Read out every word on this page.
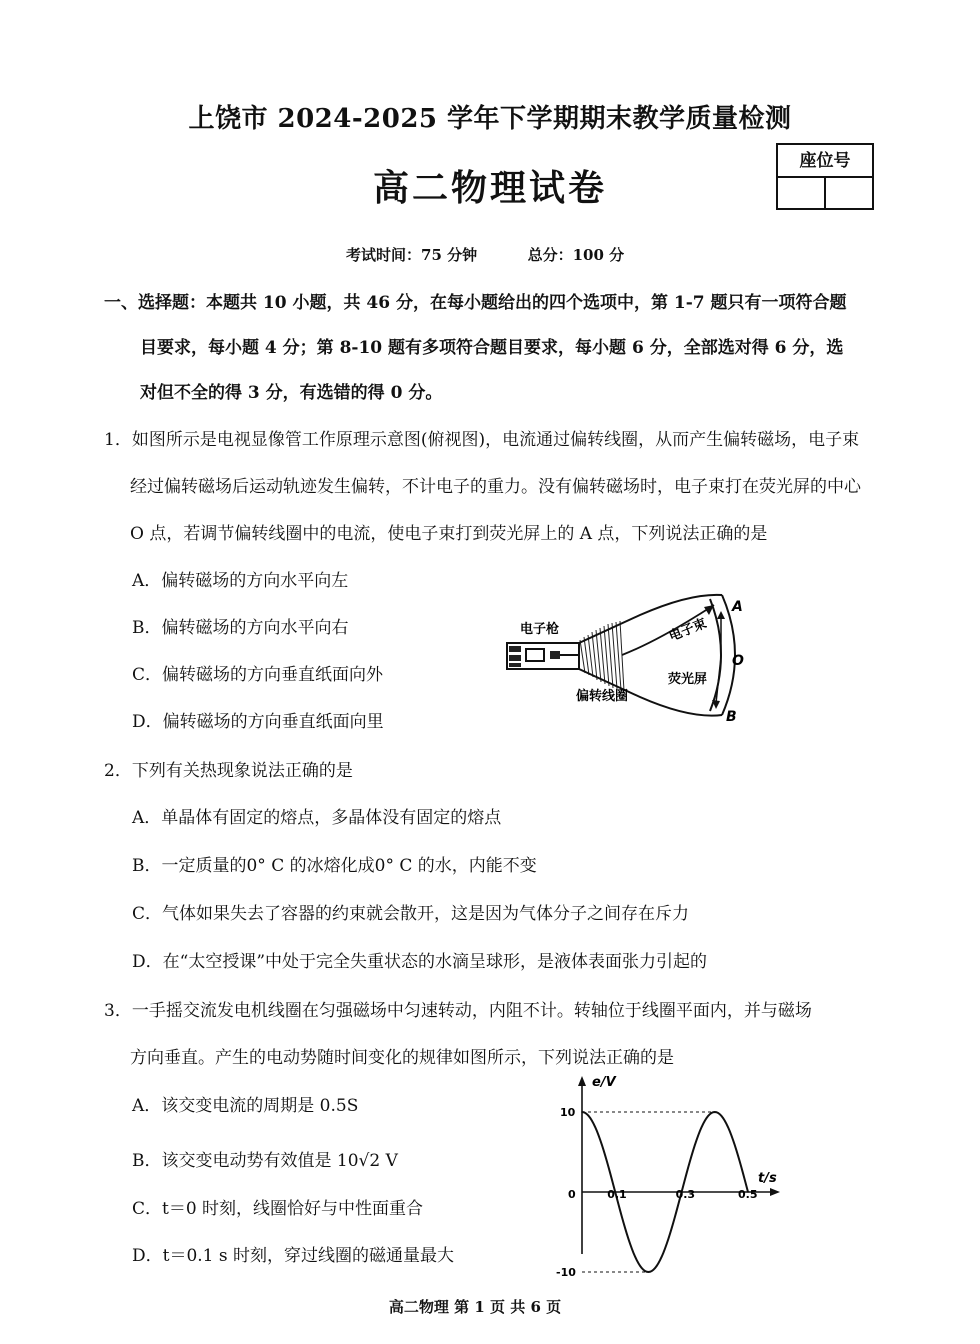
上饶市 2024-2025 学年下学期期末教学质量检测
高二物理试卷
座位号
考试时间：75 分钟	总分：100 分
一、选择题：本题共 10 小题，共 46 分，在每小题给出的四个选项中，第 1-7 题只有一项符合题
目要求，每小题 4 分；第 8-10 题有多项符合题目要求，每小题 6 分，全部选对得 6 分，选
对但不全的得 3 分，有选错的得 0 分。
1．如图所示是电视显像管工作原理示意图(俯视图)，电流通过偏转线圈，从而产生偏转磁场，电子束
经过偏转磁场后运动轨迹发生偏转，不计电子的重力。没有偏转磁场时，电子束打在荧光屏的中心
O 点，若调节偏转线圈中的电流，使电子束打到荧光屏上的 A 点，下列说法正确的是
A．偏转磁场的方向水平向左
B．偏转磁场的方向水平向右
C．偏转磁场的方向垂直纸面向外
D．偏转磁场的方向垂直纸面向里
电子枪	电子束
荧光屏
偏转线圈
A
O
B
2．下列有关热现象说法正确的是
A．单晶体有固定的熔点，多晶体没有固定的熔点
B．一定质量的0° C 的冰熔化成0° C 的水，内能不变
C．气体如果失去了容器的约束就会散开，这是因为气体分子之间存在斥力
D．在“太空授课”中处于完全失重状态的水滴呈球形，是液体表面张力引起的
3．一手摇交流发电机线圈在匀强磁场中匀速转动，内阻不计。转轴位于线圈平面内，并与磁场
方向垂直。产生的电动势随时间变化的规律如图所示，下列说法正确的是
A．该交变电流的周期是 0.5S
B．该交变电动势有效值是 10√2 V
C．t＝0 时刻，线圈恰好与中性面重合
D．t＝0.1 s 时刻，穿过线圈的磁通量最大
e/V
t/s
0	0.1	0.3	0.5
10
-10
高二物理 第 1 页 共 6 页
